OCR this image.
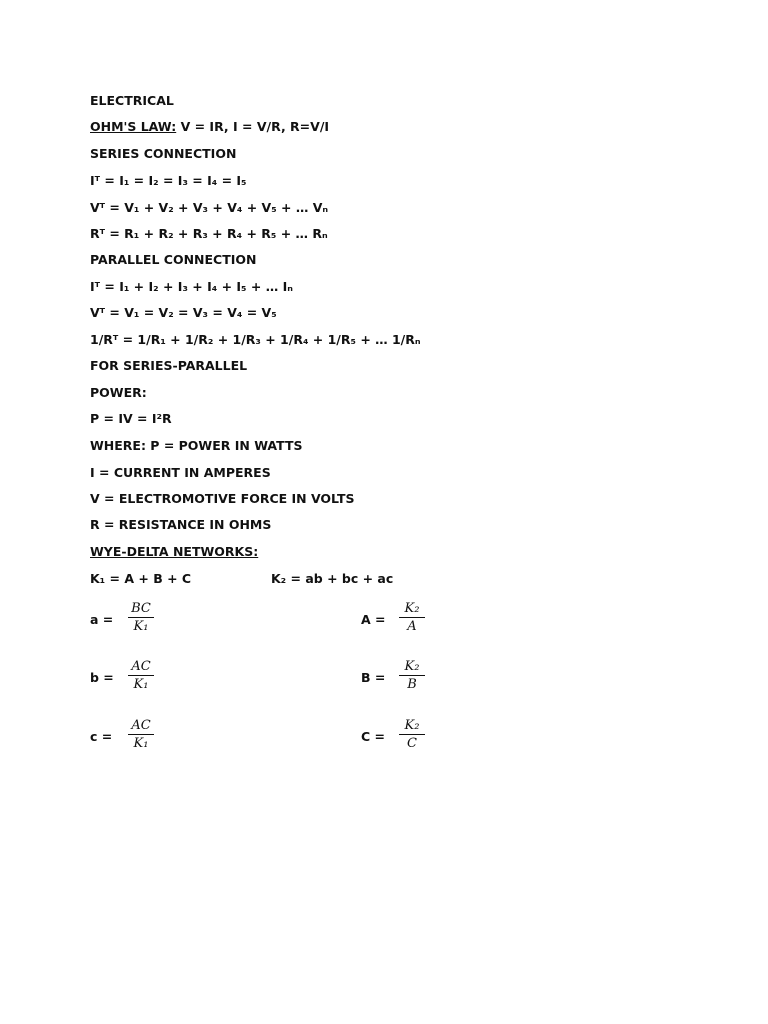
ELECTRICAL
OHM'S LAW: V = IR, I = V/R, R=V/I
SERIES CONNECTION
Iᵀ = I₁ = I₂ = I₃ = I₄ = I₅
Vᵀ = V₁ + V₂ + V₃ + V₄ + V₅ + … Vₙ
Rᵀ = R₁ + R₂ + R₃ + R₄ + R₅ + … Rₙ
PARALLEL CONNECTION
Iᵀ = I₁ + I₂ + I₃ + I₄ + I₅ + … Iₙ
Vᵀ = V₁ = V₂ = V₃ = V₄ = V₅
1/Rᵀ = 1/R₁ + 1/R₂ + 1/R₃ + 1/R₄ + 1/R₅ + … 1/Rₙ
FOR SERIES-PARALLEL
POWER:
P = IV = I²R
WHERE: P = POWER IN WATTS
I = CURRENT IN AMPERES
V = ELECTROMOTIVE FORCE IN VOLTS
R = RESISTANCE IN OHMS
WYE-DELTA NETWORKS:
K₁ = A + B + C	K₂ = ab + bc + ac
$a = \frac{BC}{\text{K₁}}$	$A = \frac{\text{K₂}}{A}$
$b = \frac{AC}{\text{K₁}}$	$B = \frac{\text{K₂}}{B}$
$c = \frac{AC}{\text{K₁}}$	$C = \frac{\text{K₂}}{C}$
